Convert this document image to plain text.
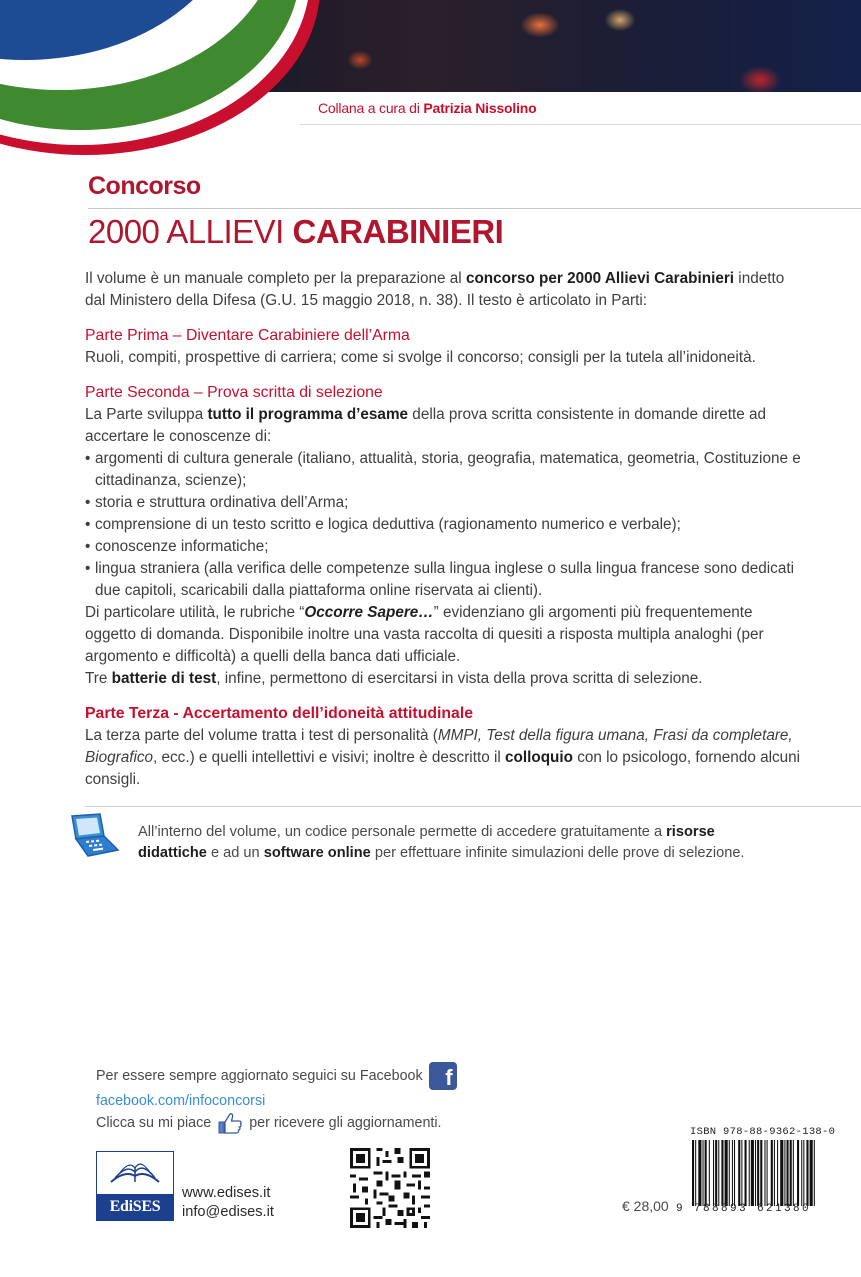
Collana a cura di Patrizia Nissolino
Concorso
2000 ALLIEVI CARABINIERI

Il volume è un manuale completo per la preparazione al concorso per 2000 Allievi Carabinieri indetto dal Ministero della Difesa (G.U. 15 maggio 2018, n. 38). Il testo è articolato in Parti:

Parte Prima – Diventare Carabiniere dell’Arma

Ruoli, compiti, prospettive di carriera; come si svolge il concorso; consigli per la tutela all’inidoneità.

Parte Seconda – Prova scritta di selezione

La Parte sviluppa tutto il programma d’esame della prova scritta consistente in domande dirette ad accertare le conoscenze di:

• argomenti di cultura generale (italiano, attualità, storia, geografia, matematica, geometria, Costituzione e cittadinanza, scienze);
• storia e struttura ordinativa dell’Arma;
• comprensione di un testo scritto e logica deduttiva (ragionamento numerico e verbale);
• conoscenze informatiche;
• lingua straniera (alla verifica delle competenze sulla lingua inglese o sulla lingua francese sono dedicati due capitoli, scaricabili dalla piattaforma online riservata ai clienti).

Di particolare utilità, le rubriche “Occorre Sapere…” evidenziano gli argomenti più frequentemente oggetto di domanda. Disponibile inoltre una vasta raccolta di quesiti a risposta multipla analoghi (per argomento e difficoltà) a quelli della banca dati ufficiale.

Tre batterie di test, infine, permettono di esercitarsi in vista della prova scritta di selezione.

Parte Terza - Accertamento dell’idoneità attitudinale

La terza parte del volume tratta i test di personalità (MMPI, Test della figura umana, Frasi da completare, Biografico, ecc.) e quelli intellettivi e visivi; inoltre è descritto il colloquio con lo psicologo, fornendo alcuni consigli.

All’interno del volume, un codice personale permette di accedere gratuitamente a risorse didattiche e ad un software online per effettuare infinite simulazioni delle prove di selezione.
Per essere sempre aggiornato seguici su Facebook	f
facebook.com/infoconcorsi
Clicca su mi piace	per ricevere gli aggiornamenti.
EdiSES
www.edises.it
info@edises.it	€ 28,00
ISBN 978-88-9362-138-0
9 788893 621380
